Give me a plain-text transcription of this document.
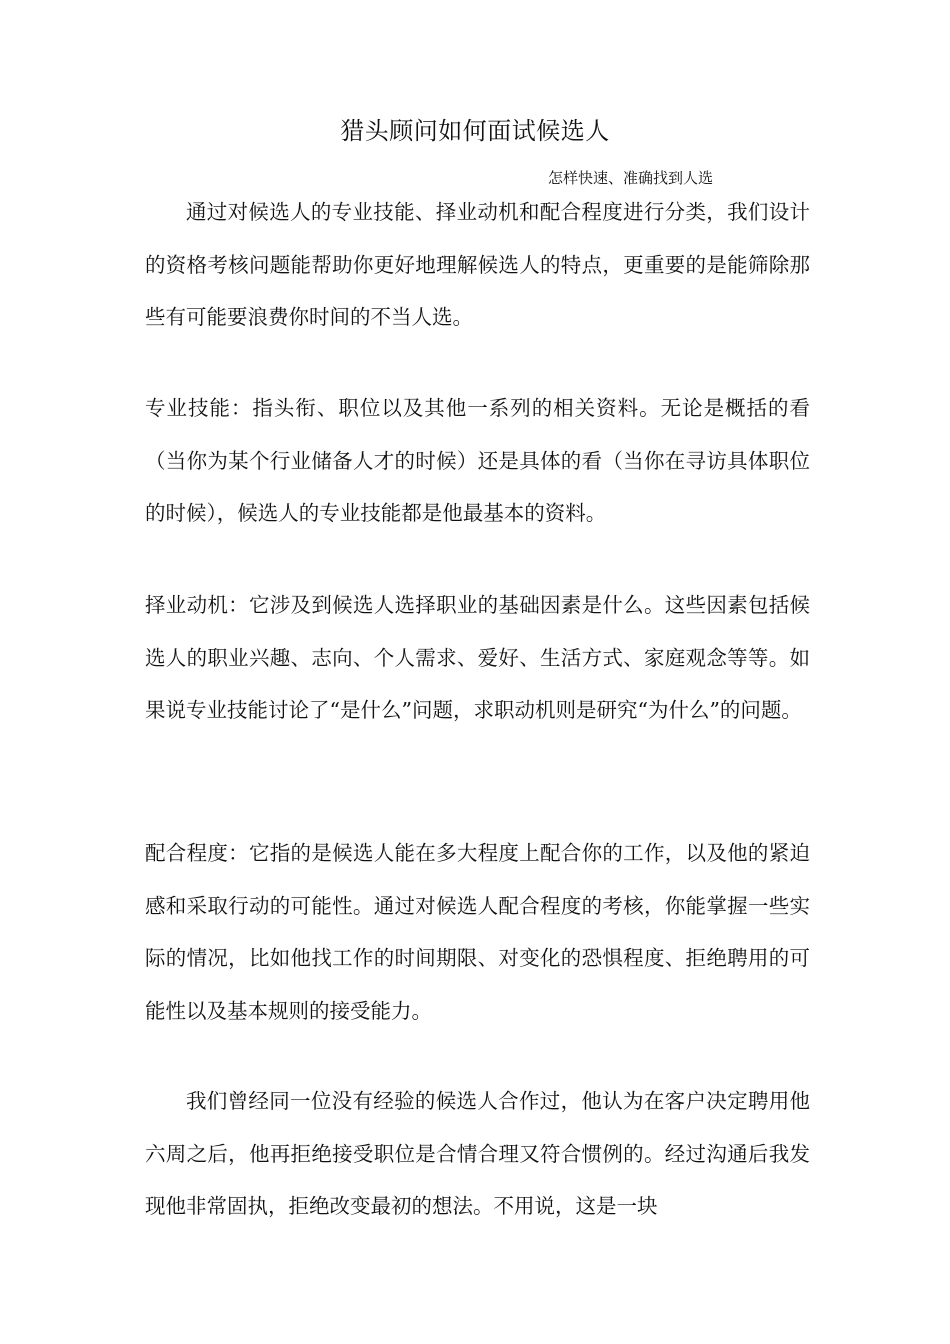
猎头顾问如何面试候选人
怎样快速、准确找到人选

通过对候选人的专业技能、择业动机和配合程度进行分类，我们设计的资格考核问题能帮助你更好地理解候选人的特点，更重要的是能筛除那些有可能要浪费你时间的不当人选。

专业技能：指头衔、职位以及其他一系列的相关资料。无论是概括的看（当你为某个行业储备人才的时候）还是具体的看（当你在寻访具体职位的时候），候选人的专业技能都是他最基本的资料。

择业动机：它涉及到候选人选择职业的基础因素是什么。这些因素包括候选人的职业兴趣、志向、个人需求、爱好、生活方式、家庭观念等等。如果说专业技能讨论了“是什么”问题，求职动机则是研究“为什么”的问题。

配合程度：它指的是候选人能在多大程度上配合你的工作，以及他的紧迫感和采取行动的可能性。通过对候选人配合程度的考核，你能掌握一些实际的情况，比如他找工作的时间期限、对变化的恐惧程度、拒绝聘用的可能性以及基本规则的接受能力。

我们曾经同一位没有经验的候选人合作过，他认为在客户决定聘用他六周之后，他再拒绝接受职位是合情合理又符合惯例的。经过沟通后我发现他非常固执，拒绝改变最初的想法。不用说，这是一块
